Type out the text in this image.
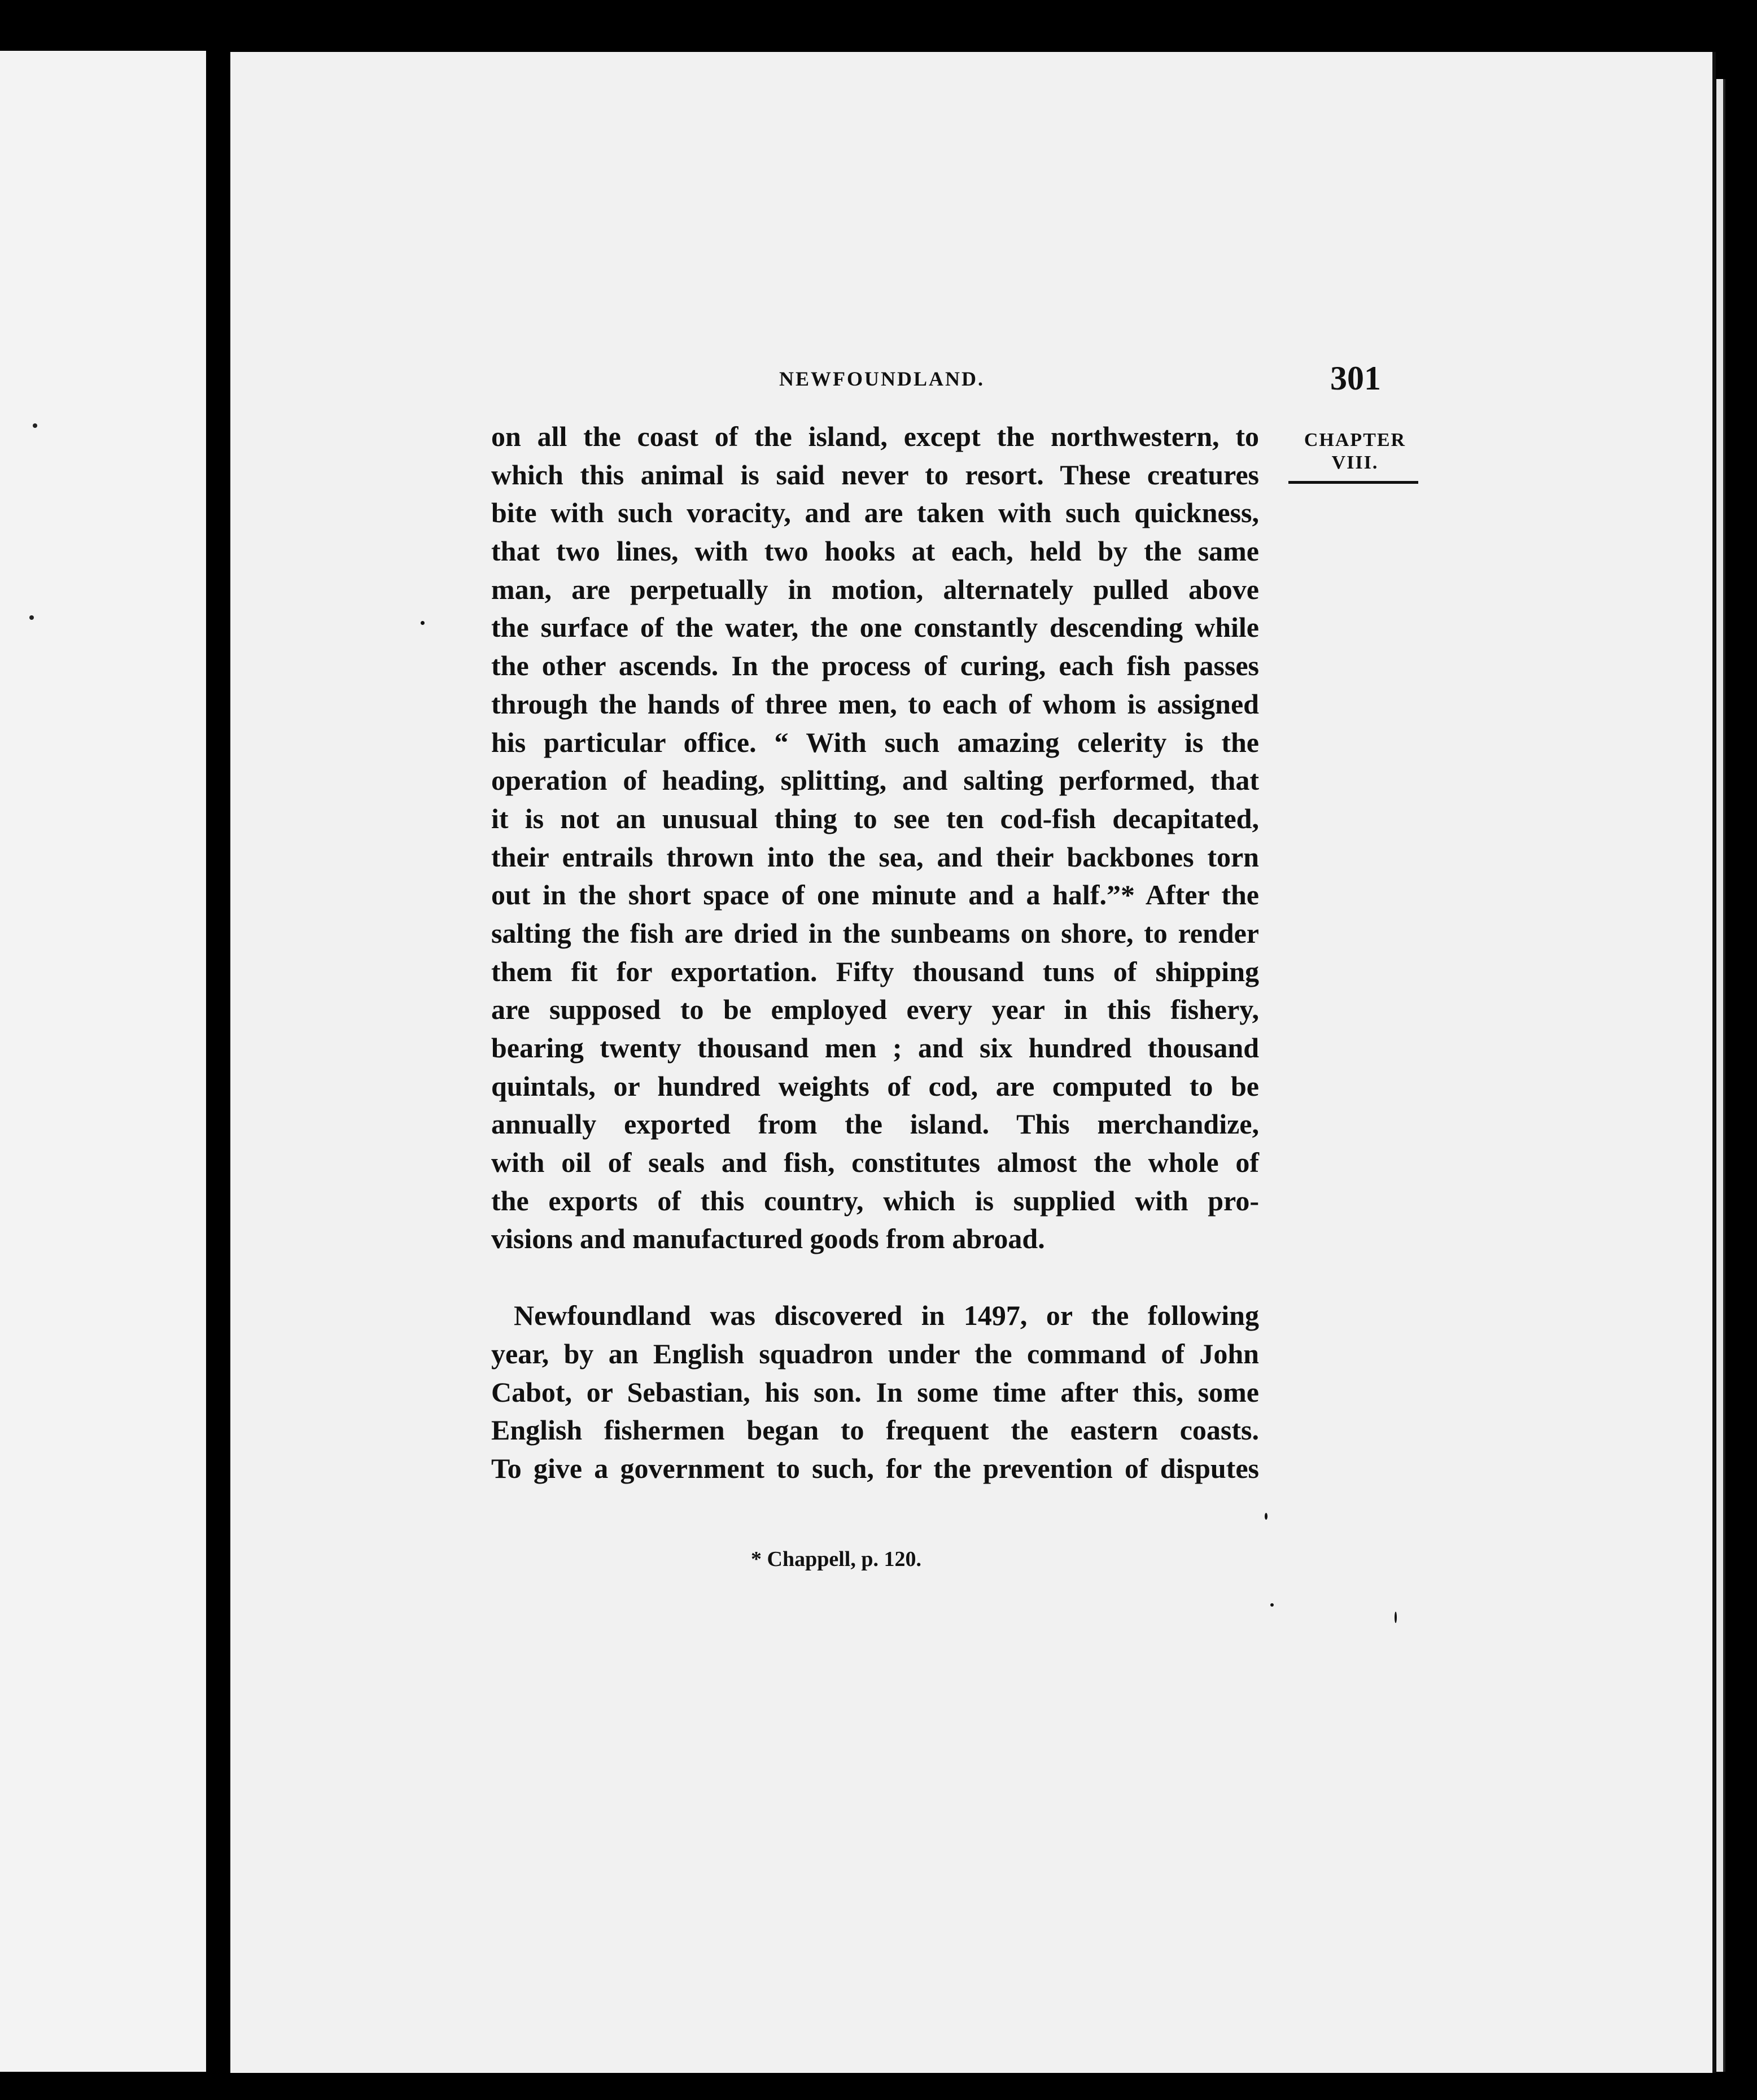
NEWFOUNDLAND.	301
CHAPTER
VIII.
on all the coast of the island, except the northwestern, to
which this animal is said never to resort. These creatures
bite with such voracity, and are taken with such quickness,
that two lines, with two hooks at each, held by the same
man, are perpetually in motion, alternately pulled above
the surface of the water, the one constantly descending while
the other ascends. In the process of curing, each fish passes
through the hands of three men, to each of whom is assigned
his particular office. “ With such amazing celerity is the
operation of heading, splitting, and salting performed, that
it is not an unusual thing to see ten cod-fish decapitated,
their entrails thrown into the sea, and their backbones torn
out in the short space of one minute and a half.”* After the
salting the fish are dried in the sunbeams on shore, to render
them fit for exportation. Fifty thousand tuns of shipping
are supposed to be employed every year in this fishery,
bearing twenty thousand men ; and six hundred thousand
quintals, or hundred weights of cod, are computed to be
annually exported from the island. This merchandize,
with oil of seals and fish, constitutes almost the whole of
the exports of this country, which is supplied with pro-
visions and manufactured goods from abroad.
Newfoundland was discovered in 1497, or the following
year, by an English squadron under the command of John
Cabot, or Sebastian, his son. In some time after this, some
English fishermen began to frequent the eastern coasts.
To give a government to such, for the prevention of disputes
* Chappell, p. 120.
